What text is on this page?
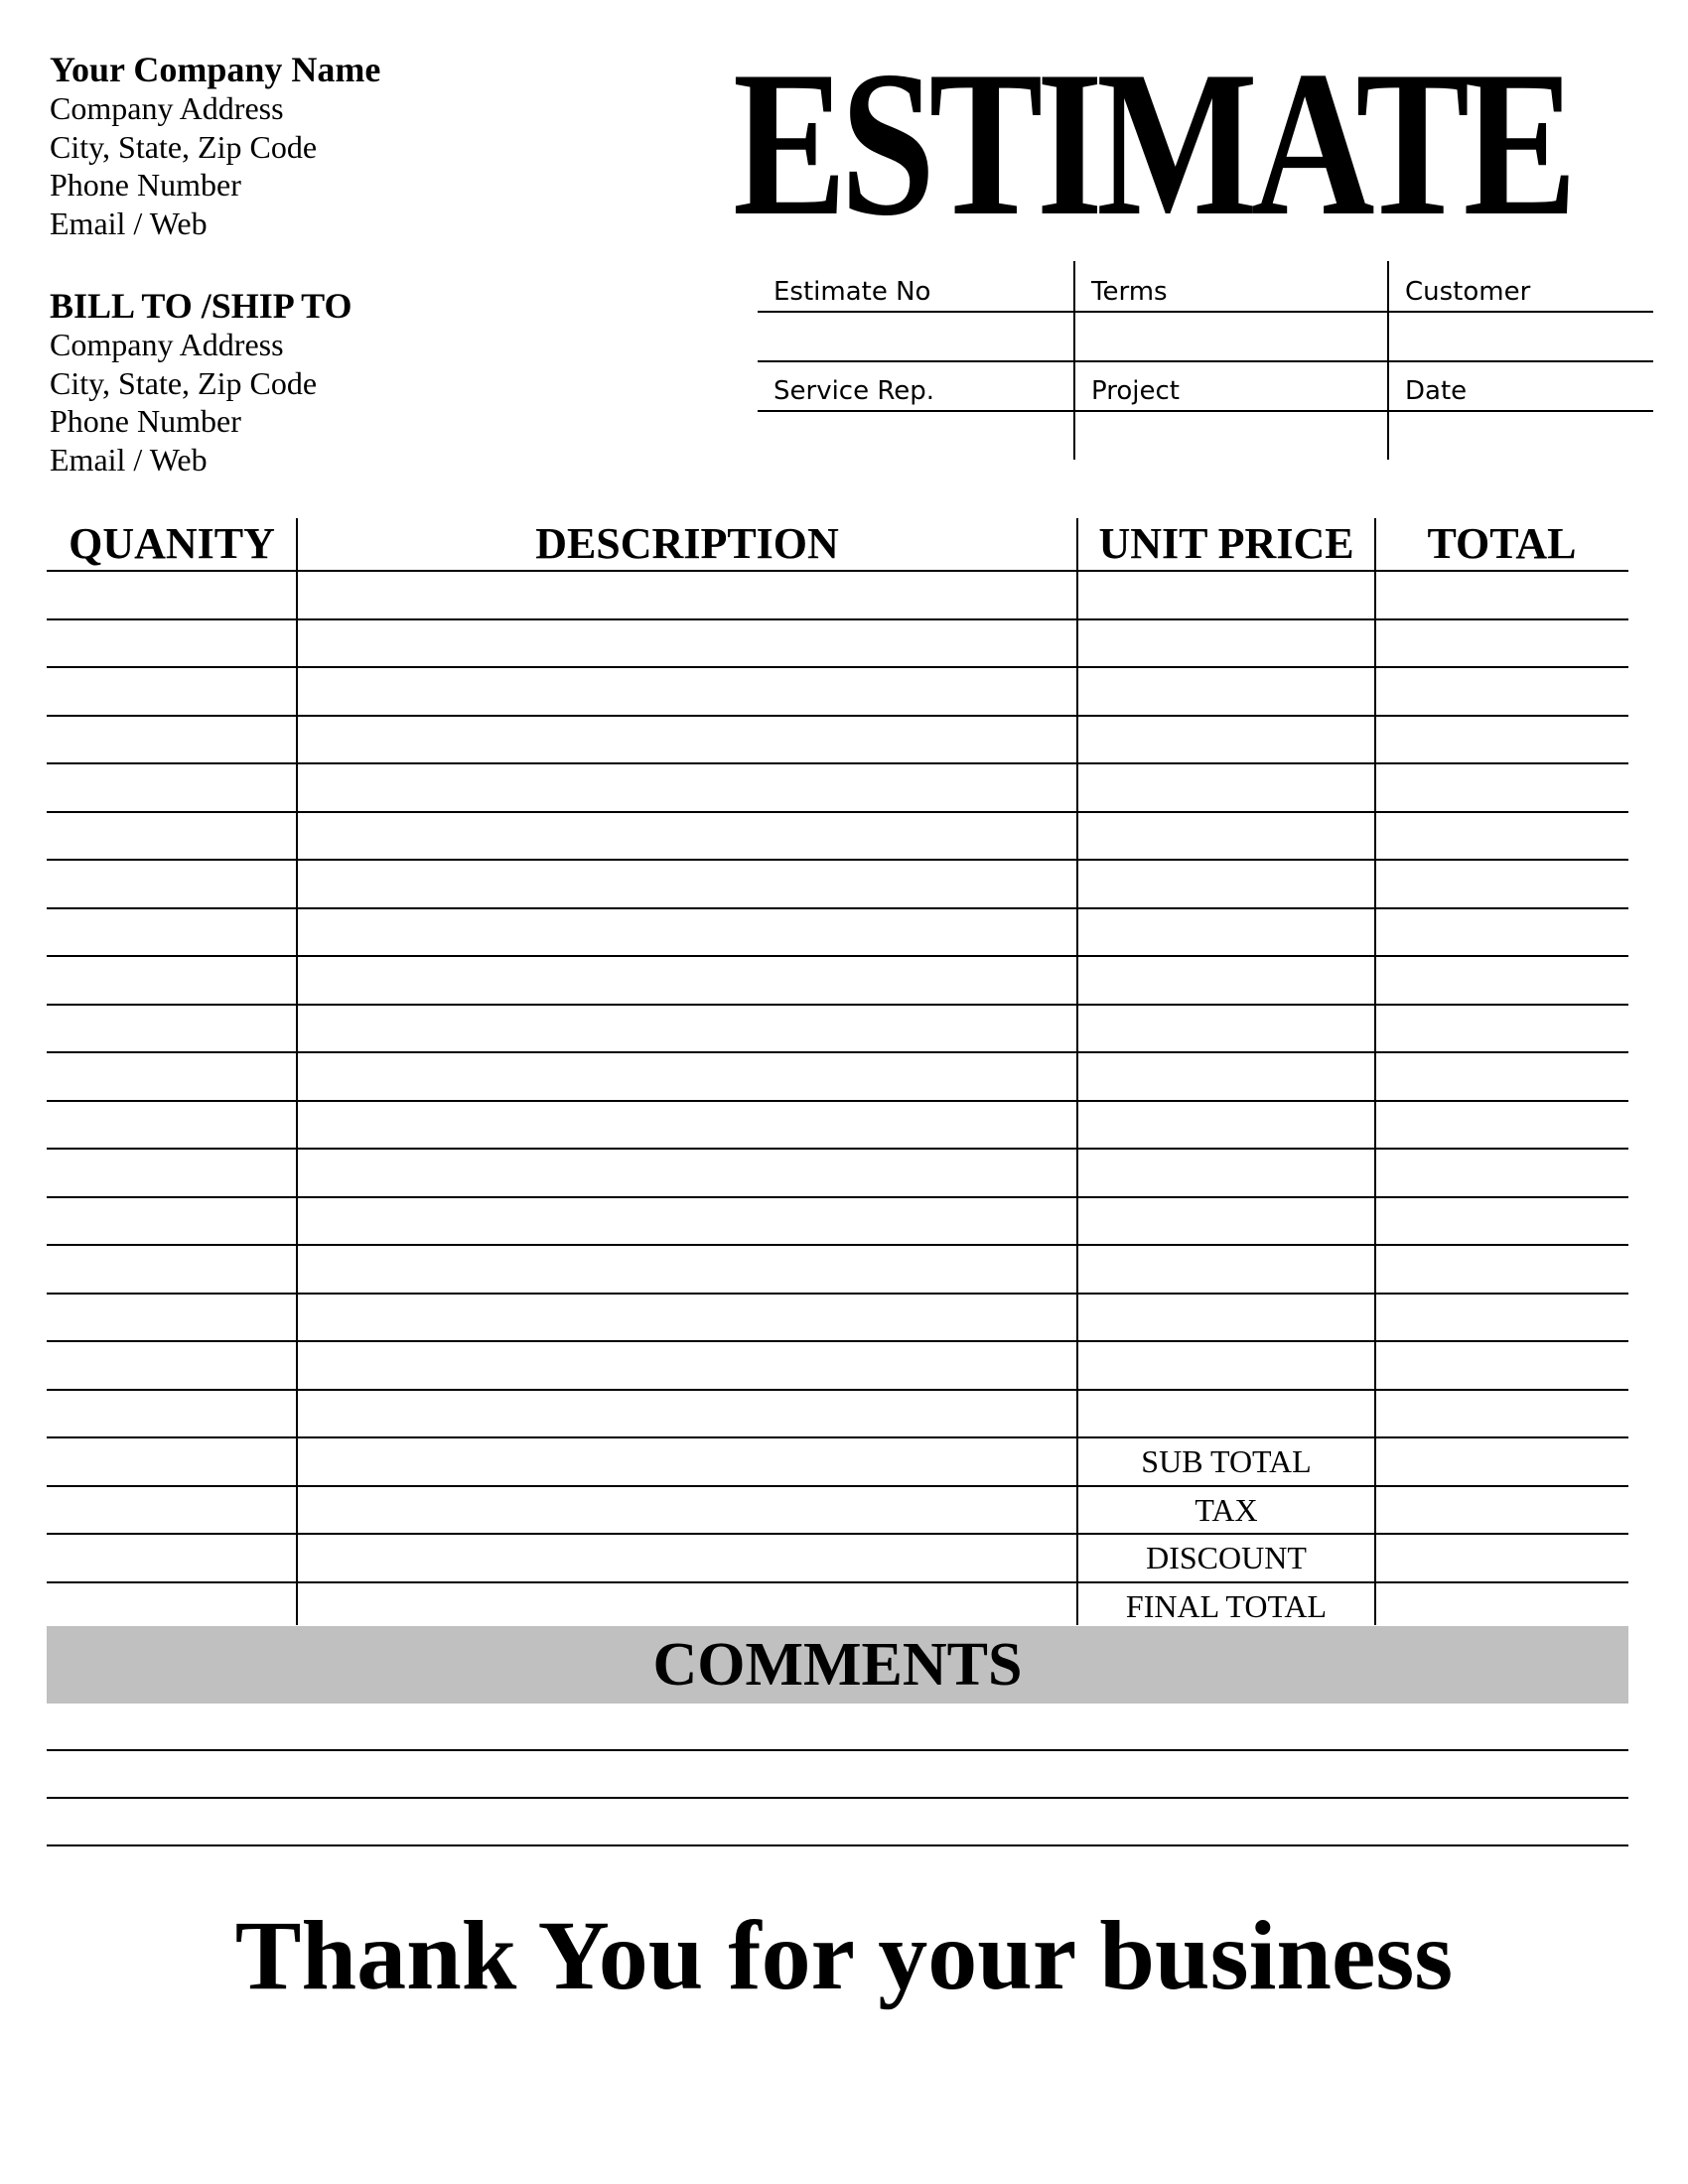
Your Company Name
Company Address
City, State, Zip Code
Phone Number
Email / Web
BILL TO /SHIP TO
Company Address
City, State, Zip Code
Phone Number
Email / Web
ESTIMATE
Estimate No	Terms	Customer
Service Rep.	Project	Date
QUANITY	DESCRIPTION	UNIT PRICE	TOTAL
SUB TOTAL
TAX
DISCOUNT
FINAL TOTAL
COMMENTS
Thank You for your business
